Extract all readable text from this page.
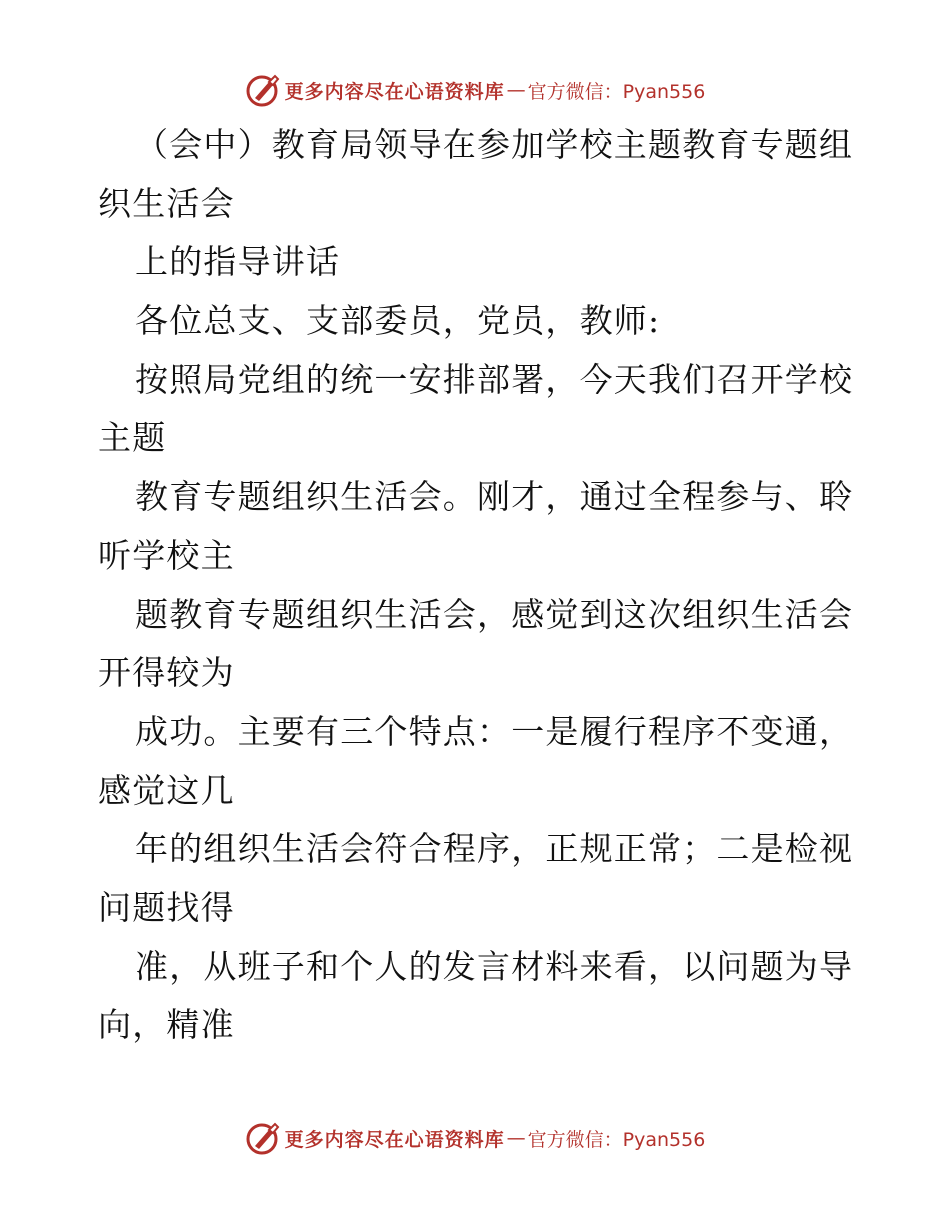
更多内容尽在心语资料库 — 官方微信：Pyan556
（会中）教育局领导在参加学校主题教育专题组
织生活会
上的指导讲话
各位总支、支部委员，党员，教师:
按照局党组的统一安排部署，今天我们召开学校
主题
教育专题组织生活会。刚才，通过全程参与、聆
听学校主
题教育专题组织生活会，感觉到这次组织生活会
开得较为
成功。主要有三个特点：一是履行程序不变通，
感觉这几
年的组织生活会符合程序，正规正常；二是检视
问题找得
准，从班子和个人的发言材料来看，以问题为导
向，精准
更多内容尽在心语资料库 — 官方微信：Pyan556
